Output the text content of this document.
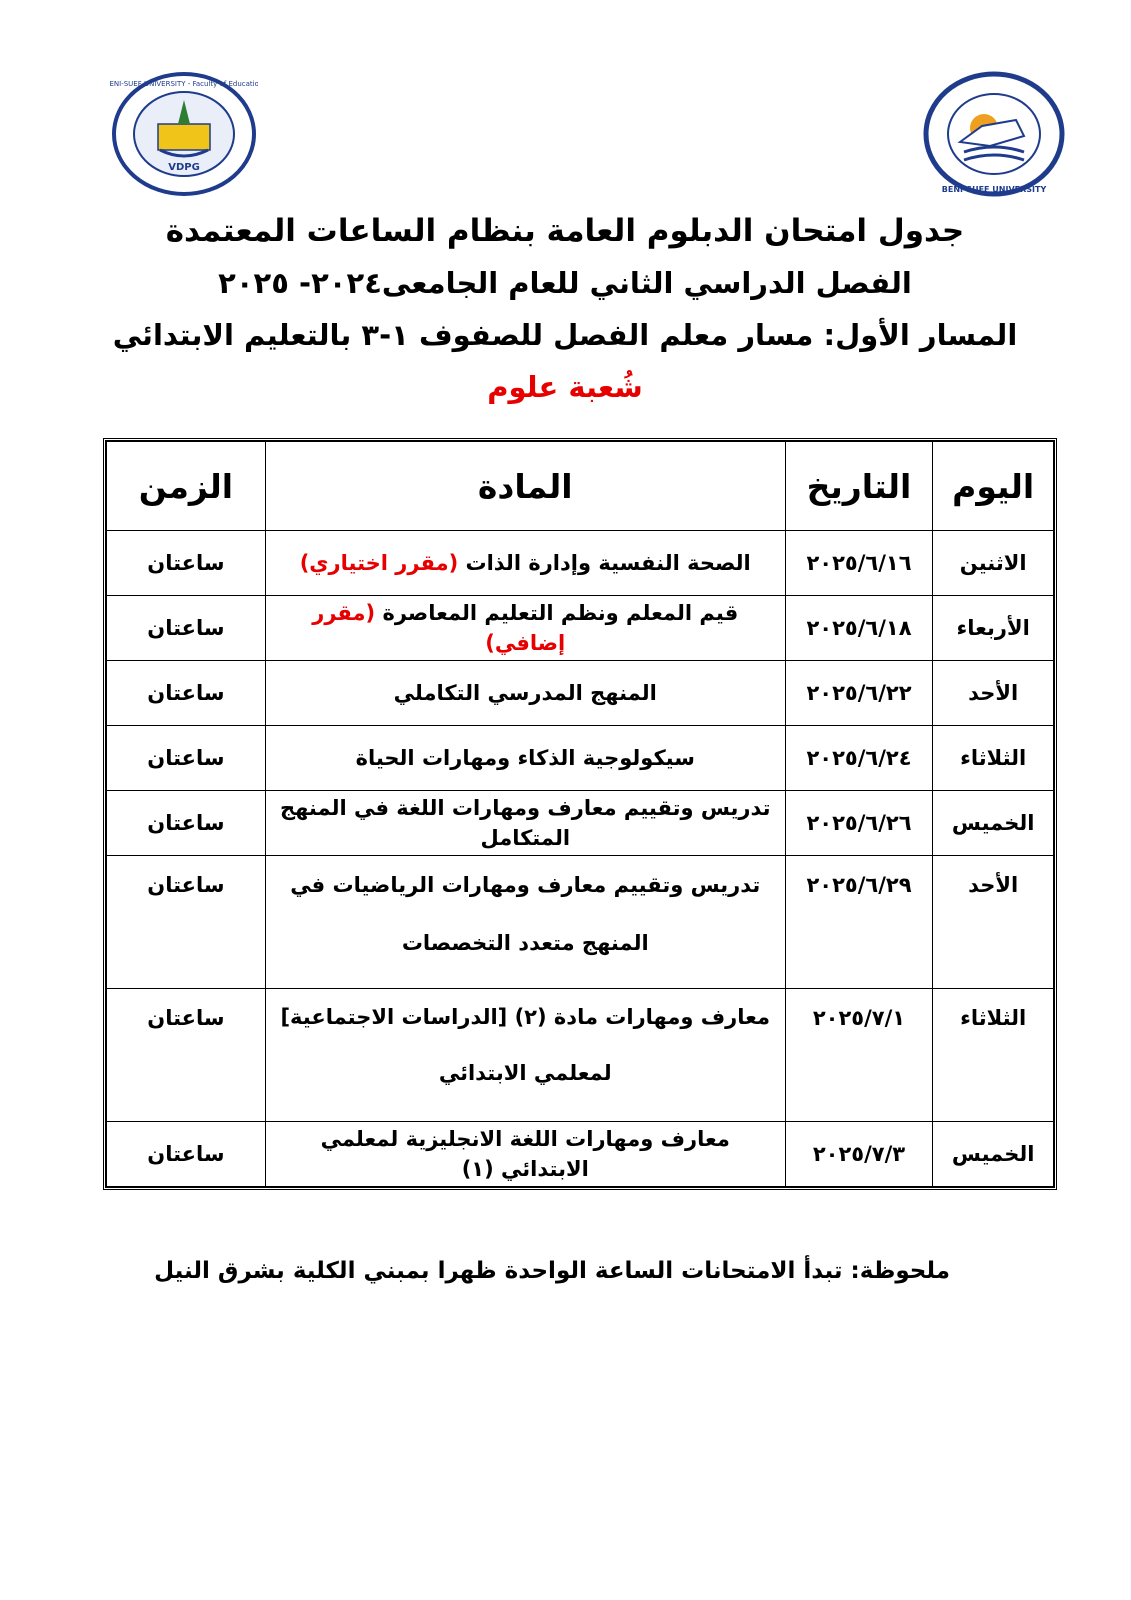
VDPG
BENI-SUEF UNIVERSITY - Faculty of Education
BENI-SUEF UNIVERSITY
جدول امتحان الدبلوم العامة بنظام الساعات المعتمدة
الفصل الدراسي الثاني للعام الجامعى٢٠٢٤- ٢٠٢٥
المسار الأول: مسار معلم الفصل للصفوف ١-٣ بالتعليم الابتدائي
شُعبة علوم
اليوم	التاريخ	المادة	الزمن
الاثنين	٢٠٢٥/٦/١٦	الصحة النفسية وإدارة الذات (مقرر اختياري)	ساعتان
الأربعاء	٢٠٢٥/٦/١٨	قيم المعلم ونظم التعليم المعاصرة (مقرر إضافي)	ساعتان
الأحد	٢٠٢٥/٦/٢٢	المنهج المدرسي التكاملي	ساعتان
الثلاثاء	٢٠٢٥/٦/٢٤	سيكولوجية الذكاء ومهارات الحياة	ساعتان
الخميس	٢٠٢٥/٦/٢٦	تدريس وتقييم معارف ومهارات اللغة في المنهج المتكامل	ساعتان
الأحد	٢٠٢٥/٦/٢٩	تدريس وتقييم معارف ومهارات الرياضيات في المنهج متعدد التخصصات	ساعتان
الثلاثاء	٢٠٢٥/٧/١	معارف ومهارات مادة (٢) [الدراسات الاجتماعية] لمعلمي الابتدائي	ساعتان
الخميس	٢٠٢٥/٧/٣	معارف ومهارات اللغة الانجليزية لمعلمي الابتدائي (١)	ساعتان
ملحوظة: تبدأ الامتحانات الساعة الواحدة ظهرا بمبني الكلية بشرق النيل
